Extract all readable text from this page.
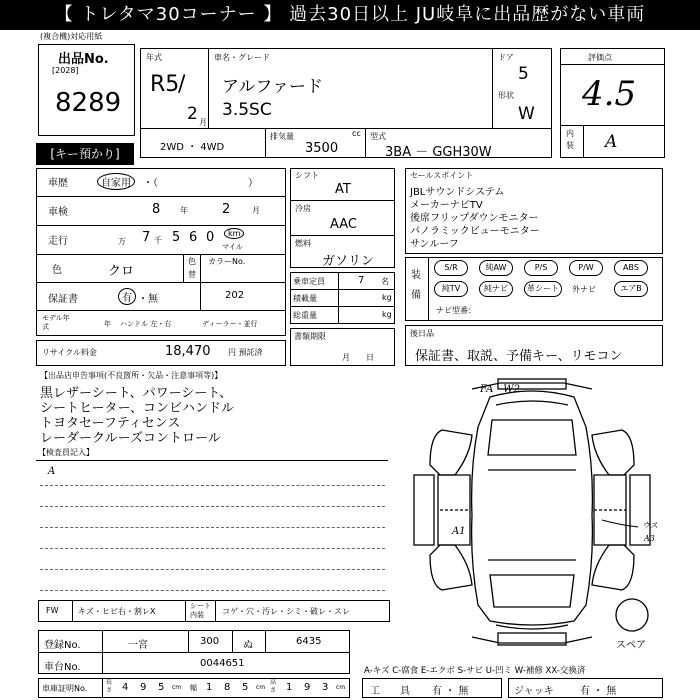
【 トレタマ30コーナー 】 過去30日以上 JU岐阜に出品歴がない車両
(複合機)対応用紙
出品No.
[2028]
8289
[キー預かり]
年式
R5
/
2 月
車名・グレード
アルファード
3.5SC
ドア
5
形状
W
2WD ・ 4WD
排気量	cc
3500
型式
3BA － GGH30W
評価点
4.5
内装 A
車歴	自家用	・（　　　　　　　　　）
車検	8 年	2	月
走行	万 7 千 5 6 0	km
マイル
色	クロ
色替
カラーNo.
202
保証書	有 ・無
モデル年式	年 ハンドル 左・右	ディーラー・並行
リサイクル料金	18,470 円 預託済
シフト
AT
冷房
AAC
燃料
ガソリン
乗車定員	7 名
積載量	kg
総重量	kg
書類期限
月　　日
セールスポイント
JBLサウンドシステム
メーカーナビTV
後席フリップダウンモニター
パノラミックビューモニター
サンルーフ
装
備
S/R	純AW	P/S	P/W	ABS
純TV	純ナビ	革シート	外ナビ	エアB
ナビ型番：
後日品
保証書、取説、予備キー、リモコン
【出品店申告事項(不良箇所・欠品・注意事項等)】
黒レザーシート、パワーシート、
シートヒーター、コンビハンドル
トヨタセーフティセンス
レーダークルーズコントロール
【検査員記入】
A
FA　W2
A1
ウス
A3
スペア
FW キズ・ヒビ右・割レX
シート内装	コゲ・穴・汚レ・シミ・破レ・スレ
登録No.	一宮	300 ぬ	6435
車台No.	0044651
A-キズ C-腐食 E-エクボ S-サビ U-凹ミ W-補修 XX-交換済
車庫証明No.
長さ 4 9 5 cm 幅 1 8 5 cm
高さ 1 9 3 cm 工　　具 有 ・ 無	ジャッキ	有 ・ 無
